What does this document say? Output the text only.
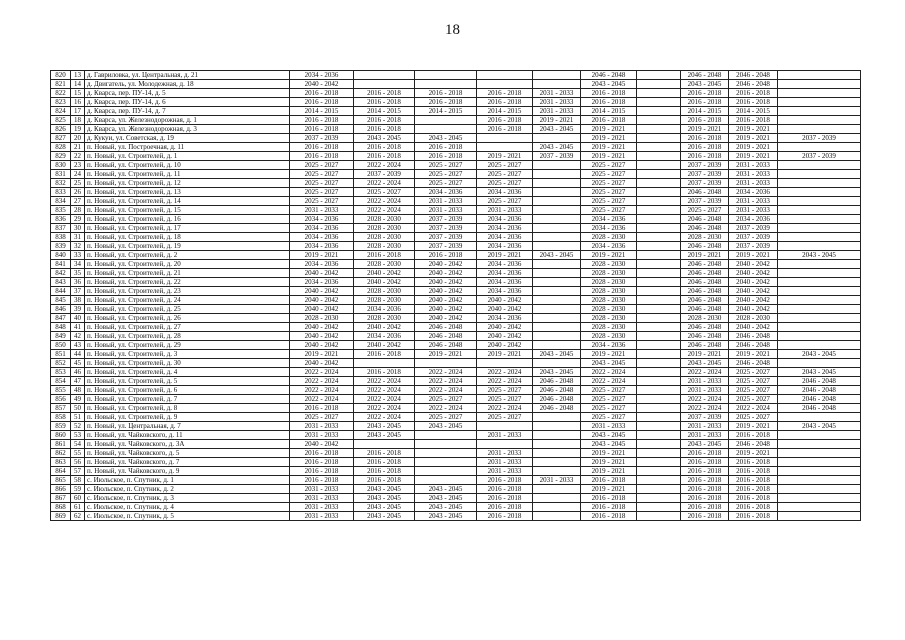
18
820	13	д. Гавриловка, ул. Центральная, д. 21	2034 - 2036					2046 - 2048		2046 - 2048	2046 - 2048	
821	14	д. Двигатель, ул. Молодежная, д. 18	2040 - 2042					2043 - 2045		2043 - 2045	2046 - 2048	
822	15	д. Кварса, пер. ПУ-14, д. 5	2016 - 2018	2016 - 2018	2016 - 2018	2016 - 2018	2031 - 2033	2016 - 2018		2016 - 2018	2016 - 2018	
823	16	д. Кварса, пер. ПУ-14, д. 6	2016 - 2018	2016 - 2018	2016 - 2018	2016 - 2018	2031 - 2033	2016 - 2018		2016 - 2018	2016 - 2018	
824	17	д. Кварса, пер. ПУ-14, д. 7	2014 - 2015	2014 - 2015	2014 - 2015	2014 - 2015	2031 - 2033	2014 - 2015		2014 - 2015	2014 - 2015	
825	18	д. Кварса, ул. Железнодорожная, д. 1	2016 - 2018	2016 - 2018		2016 - 2018	2019 - 2021	2016 - 2018		2016 - 2018	2016 - 2018	
826	19	д. Кварса, ул. Железнодорожная, д. 3	2016 - 2018	2016 - 2018		2016 - 2018	2043 - 2045	2019 - 2021		2019 - 2021	2019 - 2021	
827	20	д. Кукуи, ул. Советская, д. 19	2037 - 2039	2043 - 2045	2043 - 2045			2019 - 2021		2016 - 2018	2019 - 2021	2037 - 2039
828	21	п. Новый, ул. Построечная, д. 11	2016 - 2018	2016 - 2018	2016 - 2018		2043 - 2045	2019 - 2021		2016 - 2018	2019 - 2021	
829	22	п. Новый, ул. Строителей, д. 1	2016 - 2018	2016 - 2018	2016 - 2018	2019 - 2021	2037 - 2039	2019 - 2021		2016 - 2018	2019 - 2021	2037 - 2039
830	23	п. Новый, ул. Строителей, д. 10	2025 - 2027	2022 - 2024	2025 - 2027	2025 - 2027		2025 - 2027		2037 - 2039	2031 - 2033	
831	24	п. Новый, ул. Строителей, д. 11	2025 - 2027	2037 - 2039	2025 - 2027	2025 - 2027		2025 - 2027		2037 - 2039	2031 - 2033	
832	25	п. Новый, ул. Строителей, д. 12	2025 - 2027	2022 - 2024	2025 - 2027	2025 - 2027		2025 - 2027		2037 - 2039	2031 - 2033	
833	26	п. Новый, ул. Строителей, д. 13	2025 - 2027	2025 - 2027	2034 - 2036	2034 - 2036		2025 - 2027		2046 - 2048	2034 - 2036	
834	27	п. Новый, ул. Строителей, д. 14	2025 - 2027	2022 - 2024	2031 - 2033	2025 - 2027		2025 - 2027		2037 - 2039	2031 - 2033	
835	28	п. Новый, ул. Строителей, д. 15	2031 - 2033	2022 - 2024	2031 - 2033	2031 - 2033		2025 - 2027		2025 - 2027	2031 - 2033	
836	29	п. Новый, ул. Строителей, д. 16	2034 - 2036	2028 - 2030	2037 - 2039	2034 - 2036		2034 - 2036		2046 - 2048	2034 - 2036	
837	30	п. Новый, ул. Строителей, д. 17	2034 - 2036	2028 - 2030	2037 - 2039	2034 - 2036		2034 - 2036		2046 - 2048	2037 - 2039	
838	31	п. Новый, ул. Строителей, д. 18	2034 - 2036	2028 - 2030	2037 - 2039	2034 - 2036		2028 - 2030		2028 - 2030	2037 - 2039	
839	32	п. Новый, ул. Строителей, д. 19	2034 - 2036	2028 - 2030	2037 - 2039	2034 - 2036		2034 - 2036		2046 - 2048	2037 - 2039	
840	33	п. Новый, ул. Строителей, д. 2	2019 - 2021	2016 - 2018	2016 - 2018	2019 - 2021	2043 - 2045	2019 - 2021		2019 - 2021	2019 - 2021	2043 - 2045
841	34	п. Новый, ул. Строителей, д. 20	2034 - 2036	2028 - 2030	2040 - 2042	2034 - 2036		2028 - 2030		2046 - 2048	2040 - 2042	
842	35	п. Новый, ул. Строителей, д. 21	2040 - 2042	2040 - 2042	2040 - 2042	2034 - 2036		2028 - 2030		2046 - 2048	2040 - 2042	
843	36	п. Новый, ул. Строителей, д. 22	2034 - 2036	2040 - 2042	2040 - 2042	2034 - 2036		2028 - 2030		2046 - 2048	2040 - 2042	
844	37	п. Новый, ул. Строителей, д. 23	2040 - 2042	2028 - 2030	2040 - 2042	2034 - 2036		2028 - 2030		2046 - 2048	2040 - 2042	
845	38	п. Новый, ул. Строителей, д. 24	2040 - 2042	2028 - 2030	2040 - 2042	2040 - 2042		2028 - 2030		2046 - 2048	2040 - 2042	
846	39	п. Новый, ул. Строителей, д. 25	2040 - 2042	2034 - 2036	2040 - 2042	2040 - 2042		2028 - 2030		2046 - 2048	2040 - 2042	
847	40	п. Новый, ул. Строителей, д. 26	2028 - 2030	2028 - 2030	2040 - 2042	2034 - 2036		2028 - 2030		2028 - 2030	2028 - 2030	
848	41	п. Новый, ул. Строителей, д. 27	2040 - 2042	2040 - 2042	2046 - 2048	2040 - 2042		2028 - 2030		2046 - 2048	2040 - 2042	
849	42	п. Новый, ул. Строителей, д. 28	2040 - 2042	2034 - 2036	2046 - 2048	2040 - 2042		2028 - 2030		2046 - 2048	2046 - 2048	
850	43	п. Новый, ул. Строителей, д. 29	2040 - 2042	2040 - 2042	2046 - 2048	2040 - 2042		2034 - 2036		2046 - 2048	2046 - 2048	
851	44	п. Новый, ул. Строителей, д. 3	2019 - 2021	2016 - 2018	2019 - 2021	2019 - 2021	2043 - 2045	2019 - 2021		2019 - 2021	2019 - 2021	2043 - 2045
852	45	п. Новый, ул. Строителей, д. 30	2040 - 2042					2043 - 2045		2043 - 2045	2046 - 2048	
853	46	п. Новый, ул. Строителей, д. 4	2022 - 2024	2016 - 2018	2022 - 2024	2022 - 2024	2043 - 2045	2022 - 2024		2022 - 2024	2025 - 2027	2043 - 2045
854	47	п. Новый, ул. Строителей, д. 5	2022 - 2024	2022 - 2024	2022 - 2024	2022 - 2024	2046 - 2048	2022 - 2024		2031 - 2033	2025 - 2027	2046 - 2048
855	48	п. Новый, ул. Строителей, д. 6	2022 - 2024	2022 - 2024	2022 - 2024	2025 - 2027	2046 - 2048	2025 - 2027		2031 - 2033	2025 - 2027	2046 - 2048
856	49	п. Новый, ул. Строителей, д. 7	2022 - 2024	2022 - 2024	2025 - 2027	2025 - 2027	2046 - 2048	2025 - 2027		2022 - 2024	2025 - 2027	2046 - 2048
857	50	п. Новый, ул. Строителей, д. 8	2016 - 2018	2022 - 2024	2022 - 2024	2022 - 2024	2046 - 2048	2025 - 2027		2022 - 2024	2022 - 2024	2046 - 2048
858	51	п. Новый, ул. Строителей, д. 9	2025 - 2027	2022 - 2024	2025 - 2027	2025 - 2027		2025 - 2027		2037 - 2039	2025 - 2027	
859	52	п. Новый, ул. Центральная, д. 7	2031 - 2033	2043 - 2045	2043 - 2045			2031 - 2033		2031 - 2033	2019 - 2021	2043 - 2045
860	53	п. Новый, ул. Чайковского, д. 11	2031 - 2033	2043 - 2045		2031 - 2033		2043 - 2045		2031 - 2033	2016 - 2018	
861	54	п. Новый, ул. Чайковского, д. 3А	2040 - 2042					2043 - 2045		2043 - 2045	2046 - 2048	
862	55	п. Новый, ул. Чайковского, д. 5	2016 - 2018	2016 - 2018		2031 - 2033		2019 - 2021		2016 - 2018	2019 - 2021	
863	56	п. Новый, ул. Чайковского, д. 7	2016 - 2018	2016 - 2018		2031 - 2033		2019 - 2021		2016 - 2018	2016 - 2018	
864	57	п. Новый, ул. Чайковского, д. 9	2016 - 2018	2016 - 2018		2031 - 2033		2019 - 2021		2016 - 2018	2016 - 2018	
865	58	с. Июльское, п. Спутник, д. 1	2016 - 2018	2016 - 2018		2016 - 2018	2031 - 2033	2016 - 2018		2016 - 2018	2016 - 2018	
866	59	с. Июльское, п. Спутник, д. 2	2031 - 2033	2043 - 2045	2043 - 2045	2016 - 2018		2019 - 2021		2016 - 2018	2016 - 2018	
867	60	с. Июльское, п. Спутник, д. 3	2031 - 2033	2043 - 2045	2043 - 2045	2016 - 2018		2016 - 2018		2016 - 2018	2016 - 2018	
868	61	с. Июльское, п. Спутник, д. 4	2031 - 2033	2043 - 2045	2043 - 2045	2016 - 2018		2016 - 2018		2016 - 2018	2016 - 2018	
869	62	с. Июльское, п. Спутник, д. 5	2031 - 2033	2043 - 2045	2043 - 2045	2016 - 2018		2016 - 2018		2016 - 2018	2016 - 2018	
